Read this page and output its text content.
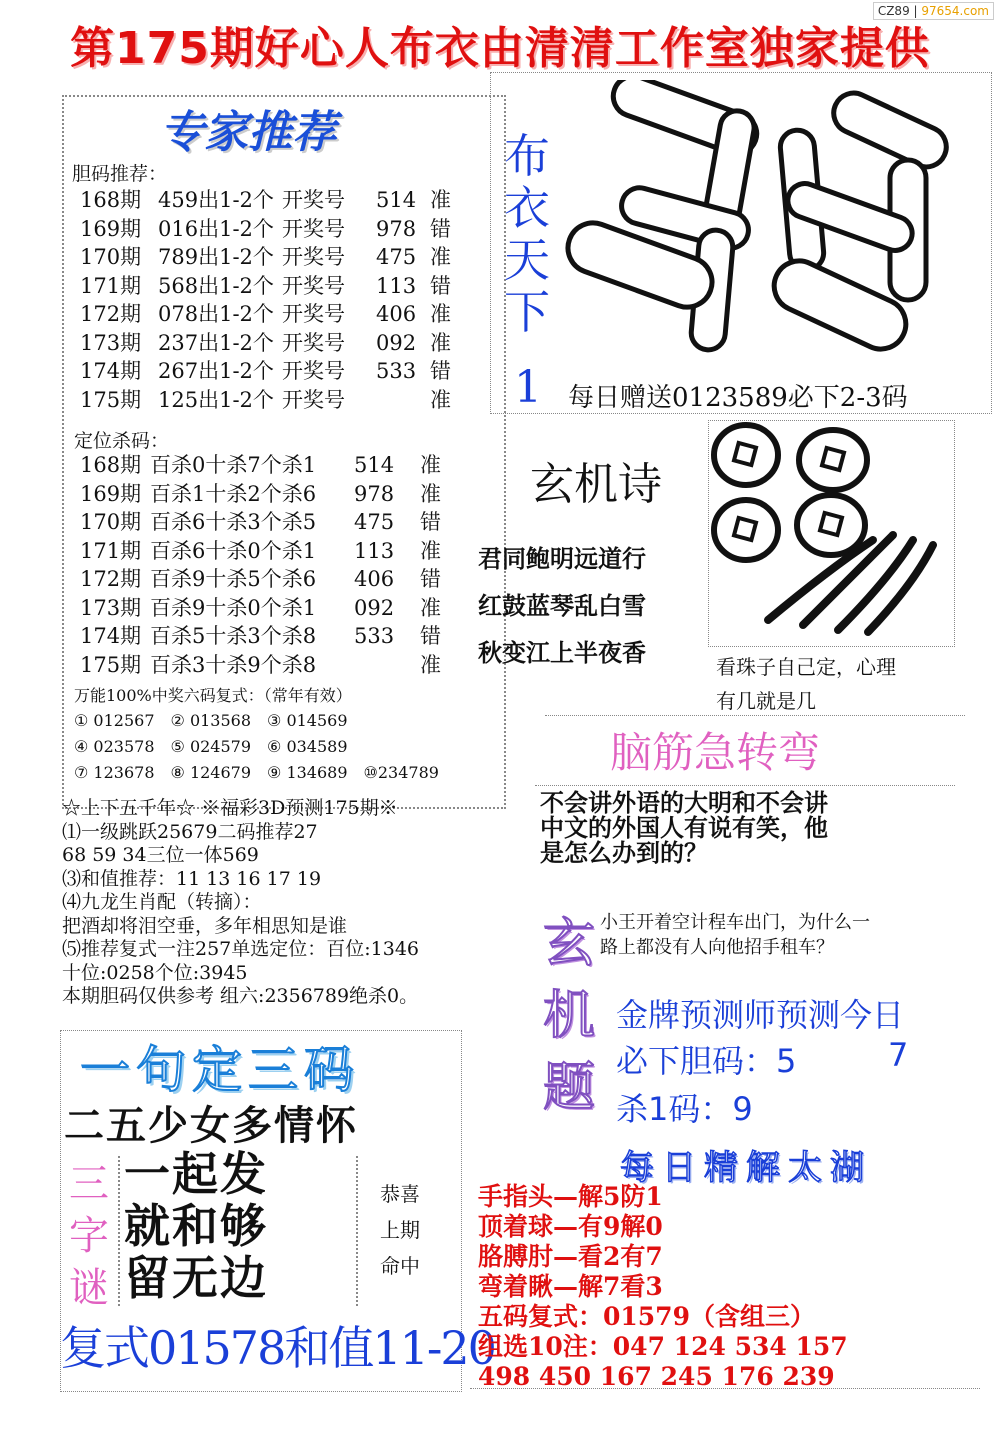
CZ89 | 97654.com
第175期好心人布衣由清清工作室独家提供
专家推荐
胆码推荐：
168期 459出1-2个 开奖号	514 准
169期 016出1-2个 开奖号	978 错
170期 789出1-2个 开奖号	475 准
171期 568出1-2个 开奖号	113 错
172期 078出1-2个 开奖号	406 准
173期 237出1-2个 开奖号	092 准
174期 267出1-2个 开奖号	533 错
175期 125出1-2个 开奖号	准
定位杀码：
168期 百杀0十杀7个杀1	514	准
169期 百杀1十杀2个杀6	978	准
170期 百杀6十杀3个杀5	475	错
171期 百杀6十杀0个杀1	113	准
172期 百杀9十杀5个杀6	406	错
173期 百杀9十杀0个杀1	092	准
174期 百杀5十杀3个杀8	533	错
175期 百杀3十杀9个杀8	准
万能100%中奖六码复式：（常年有效）
① 012567　② 013568　③ 014569
④ 023578　⑤ 024579　⑥ 034589
⑦ 123678　⑧ 124679　⑨ 134689　⑩234789
☆上下五千年☆ ※福彩3D预测175期※
⑴一级跳跃25679二码推荐27
68 59 34三位一体569
⑶和值推荐：11 13 16 17 19
⑷九龙生肖配（转摘）：
把酒却将泪空垂，多年相思知是谁
⑸推荐复式一注257单选定位：百位:1346
十位:0258个位:3945
本期胆码仅供参考 组六:2356789绝杀0。
布
衣
天
下
1 每日赠送0123589必下2-3码
玄机诗
君同鲍明远道行
红鼓蓝琴乱白雪
秋变江上半夜香	看珠子自己定，心理
有几就是几
脑筋急转弯
不会讲外语的大明和不会讲
中文的外国人有说有笑，他
是怎么办到的？
玄
机
题
小王开着空计程车出门，为什么一
路上都没有人向他招手租车？
金牌预测师预测今日
必下胆码：5	7
杀1码：9
一句定三码
二五少女多情怀
三
字
谜
一起发
就和够
留无边
恭喜
上期
命中
复式01578和值11-20
每日精解太湖
手指头—解5防1
顶着球—有9解0
胳膊肘—看2有7
弯着瞅—解7看3
五码复式：01579（含组三）
组选10注：047 124 534 157
498 450 167 245 176 239
